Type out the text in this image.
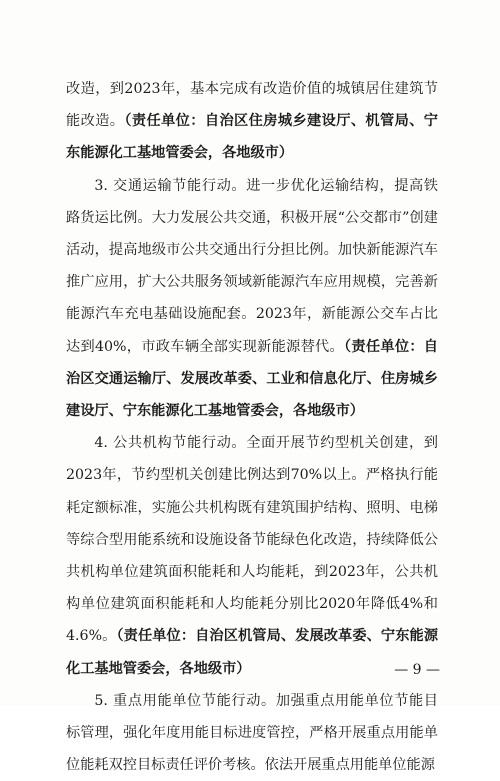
改造，到2023年，基本完成有改造价值的城镇居住建筑节能改造。（责任单位：自治区住房城乡建设厅、机管局、宁东能源化工基地管委会，各地级市）

3. 交通运输节能行动。进一步优化运输结构，提高铁路货运比例。大力发展公共交通，积极开展“公交都市”创建活动，提高地级市公共交通出行分担比例。加快新能源汽车推广应用，扩大公共服务领域新能源汽车应用规模，完善新能源汽车充电基础设施配套。2023年，新能源公交车占比达到40%，市政车辆全部实现新能源替代。（责任单位：自治区交通运输厅、发展改革委、工业和信息化厅、住房城乡建设厅、宁东能源化工基地管委会，各地级市）

4. 公共机构节能行动。全面开展节约型机关创建，到2023年，节约型机关创建比例达到70%以上。严格执行能耗定额标准，实施公共机构既有建筑围护结构、照明、电梯等综合型用能系统和设施设备节能绿色化改造，持续降低公共机构单位建筑面积能耗和人均能耗，到2023年，公共机构单位建筑面积能耗和人均能耗分别比2020年降低4%和4.6%。（责任单位：自治区机管局、发展改革委、宁东能源化工基地管委会，各地级市）

5. 重点用能单位节能行动。加强重点用能单位节能目标管理，强化年度用能目标进度管控，严格开展重点用能单位能耗双控目标责任评价考核。依法开展重点用能单位能源

— 9 —
